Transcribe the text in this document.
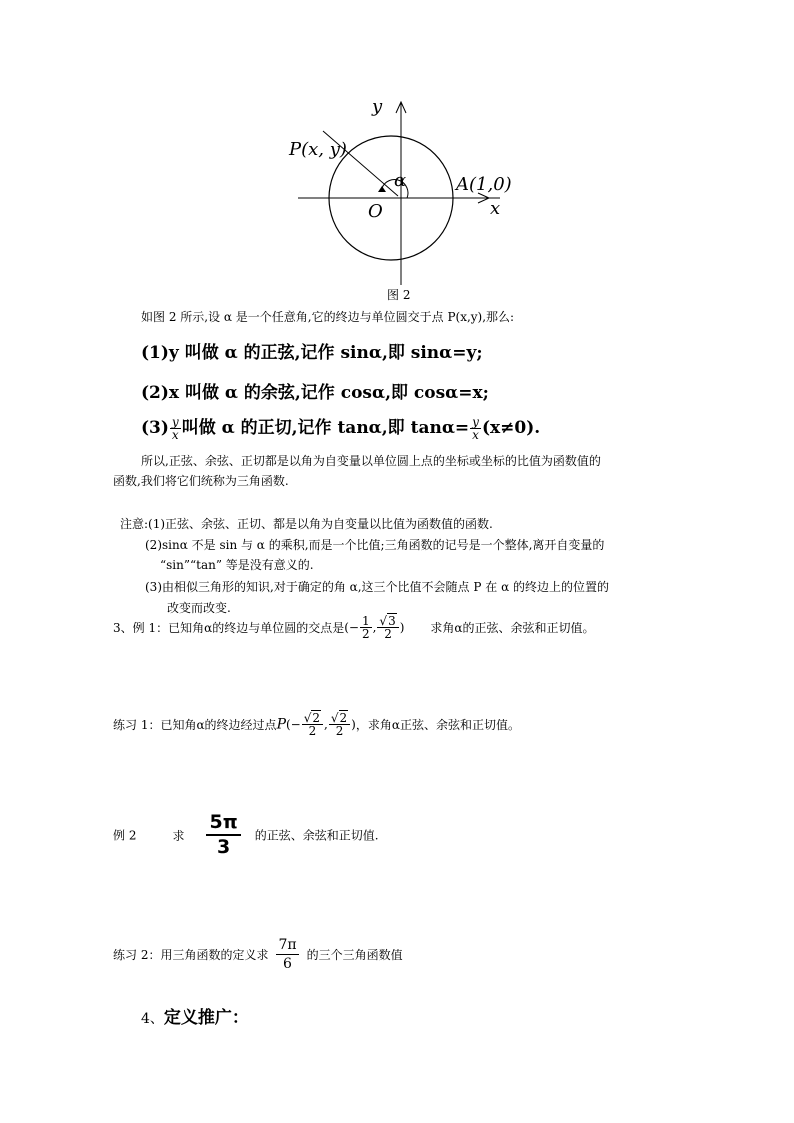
y
P(x, y)
α	A(1,0)
x
O
图 2
如图 2 所示,设 α 是一个任意角,它的终边与单位圆交于点 P(x,y),那么:
(1)y 叫做 α 的正弦,记作 sinα,即 sinα=y;
(2)x 叫做 α 的余弦,记作 cosα,即 cosα=x;
$(3) \frac{y}{x}$ 叫做 α 的正切,记作 tanα,即 $\tan\alpha= \frac{y}{x} (x\ne 0)$.
所以,正弦、余弦、正切都是以角为自变量以单位圆上点的坐标或坐标的比值为函数值的
函数,我们将它们统称为三角函数.
注意:(1)正弦、余弦、正切、都是以角为自变量以比值为函数值的函数.
(2)sinα 不是 sin 与 α 的乘积,而是一个比值;三角函数的记号是一个整体,离开自变量的
“sin”“tan” 等是没有意义的.
(3)由相似三角形的知识,对于确定的角 α,这三个比值不会随点 P 在 α 的终边上的位置的
改变而改变.
3、例 1：已知角α的终边与单位圆的交点是(− $\frac{1}{2}$ , $\frac{√3}{2}$ ) 求角α的正弦、余弦和正切值。
练习 1：已知角α的终边经过点$P(- \frac{√2}{2}$ , $\frac{√2}{2}$ )，求角α正弦、余弦和正切值。
例 2	求 $\frac{5\pi}{3}$ 的正弦、余弦和正切值.
练习 2：用三角函数的定义求 $\frac{7\pi}{6}$ 的三个三角函数值
4、定义推广：
